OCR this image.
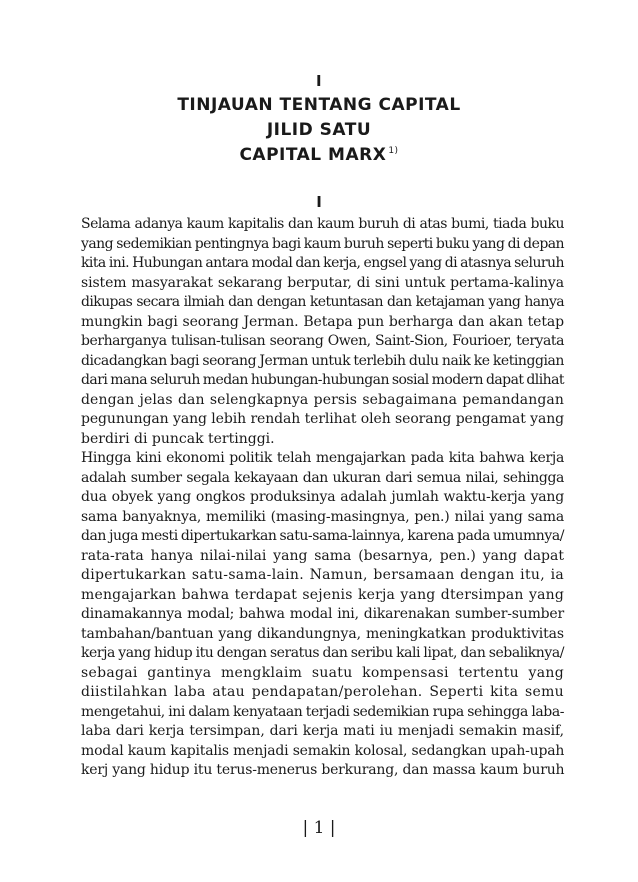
I
TINJAUAN TENTANG CAPITAL
JILID SATU
CAPITAL MARX $^{1)}$
I
Selama adanya kaum kapitalis dan kaum buruh di atas bumi, tiada buku
yang sedemikian pentingnya bagi kaum buruh seperti buku yang di depan
kita ini. Hubungan antara modal dan kerja, engsel yang di atasnya seluruh
sistem masyarakat sekarang berputar, di sini untuk pertama-kalinya
dikupas secara ilmiah dan dengan ketuntasan dan ketajaman yang hanya
mungkin bagi seorang Jerman. Betapa pun berharga dan akan tetap
berharganya tulisan-tulisan seorang Owen, Saint-Sion, Fourioer, teryata
dicadangkan bagi seorang Jerman untuk terlebih dulu naik ke ketinggian
dari mana seluruh medan hubungan-hubungan sosial modern dapat dlihat
dengan jelas dan selengkapnya persis sebagaimana pemandangan
pegunungan yang lebih rendah terlihat oleh seorang pengamat yang
berdiri di puncak tertinggi.
Hingga kini ekonomi politik telah mengajarkan pada kita bahwa kerja
adalah sumber segala kekayaan dan ukuran dari semua nilai, sehingga
dua obyek yang ongkos produksinya adalah jumlah waktu-kerja yang
sama banyaknya, memiliki (masing-masingnya, pen.) nilai yang sama
dan juga mesti dipertukarkan satu-sama-lainnya, karena pada umumnya/
rata-rata hanya nilai-nilai yang sama (besarnya, pen.) yang dapat
dipertukarkan satu-sama-lain. Namun, bersamaan dengan itu, ia
mengajarkan bahwa terdapat sejenis kerja yang dtersimpan yang
dinamakannya modal; bahwa modal ini, dikarenakan sumber-sumber
tambahan/bantuan yang dikandungnya, meningkatkan produktivitas
kerja yang hidup itu dengan seratus dan seribu kali lipat, dan sebaliknya/
sebagai gantinya mengklaim suatu kompensasi tertentu yang
diistilahkan laba atau pendapatan/perolehan. Seperti kita semu
mengetahui, ini dalam kenyataan terjadi sedemikian rupa sehingga laba-
laba dari kerja tersimpan, dari kerja mati iu menjadi semakin masif,
modal kaum kapitalis menjadi semakin kolosal, sedangkan upah-upah
kerj yang hidup itu terus-menerus berkurang, dan massa kaum buruh
| 1 |
